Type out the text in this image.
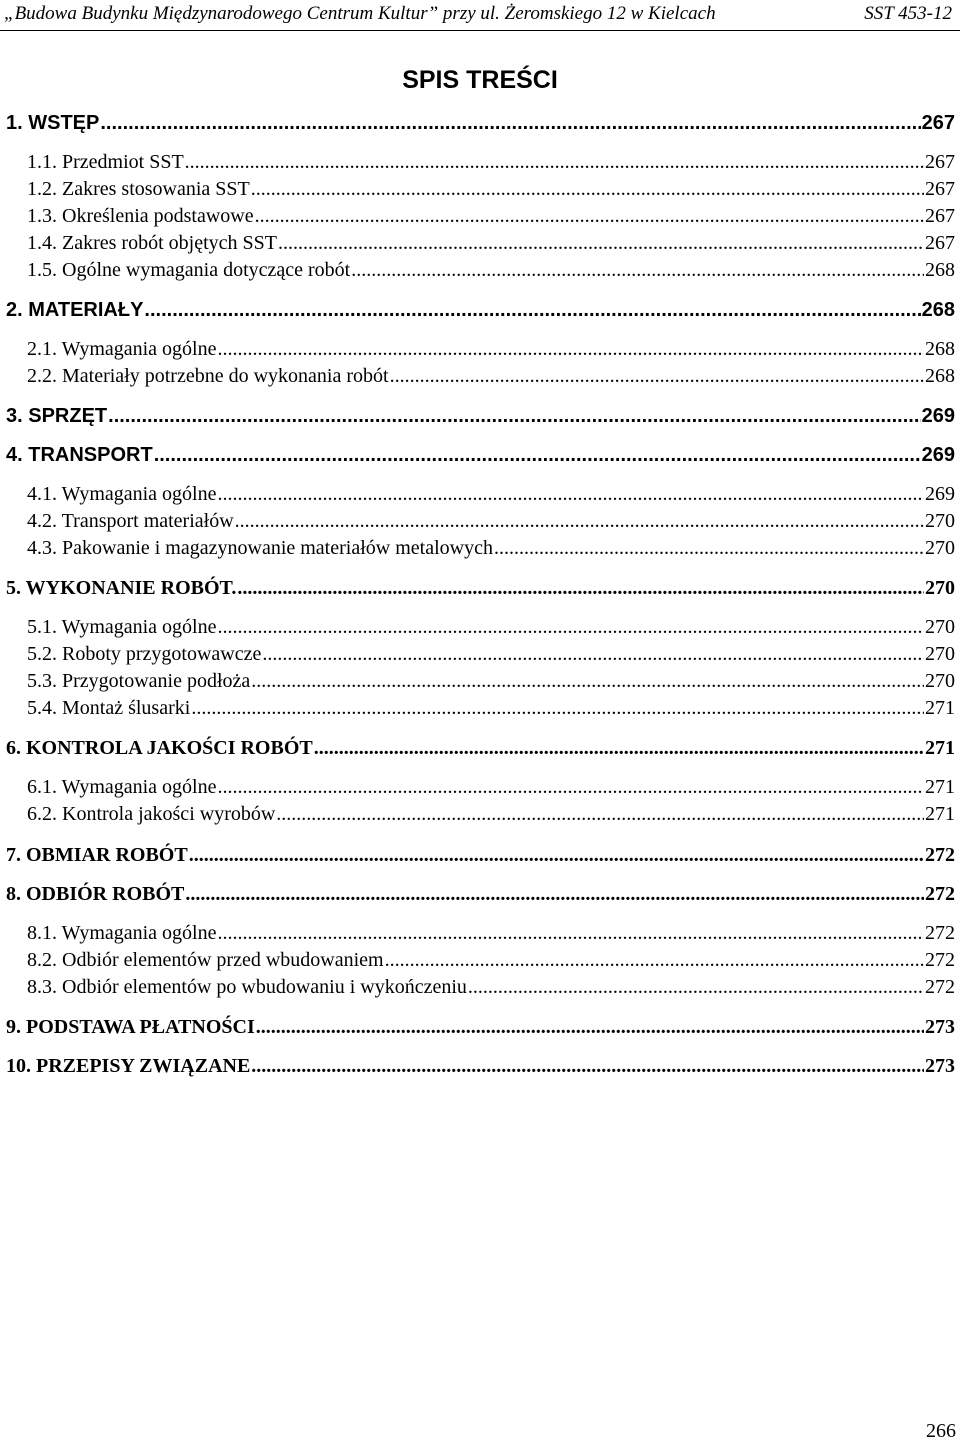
„Budowa Budynku Międzynarodowego Centrum Kultur” przy ul. Żeromskiego 12 w Kielcach	SST 453-12
SPIS TREŚCI
1. WSTĘP .....	267
1.1. Przedmiot SST .....	267
1.2. Zakres stosowania SST .....	267
1.3. Określenia podstawowe .....	267
1.4. Zakres robót objętych SST .....	267
1.5. Ogólne wymagania dotyczące robót .....	268
2. MATERIAŁY .....	268
2.1. Wymagania ogólne .....	268
2.2. Materiały potrzebne do wykonania robót .....	268
3. SPRZĘT .....	269
4. TRANSPORT .....	269
4.1. Wymagania ogólne .....	269
4.2. Transport materiałów .....	270
4.3. Pakowanie i magazynowanie materiałów metalowych .....	270
5. WYKONANIE ROBÓT. .....	270
5.1. Wymagania ogólne .....	270
5.2. Roboty przygotowawcze .....	270
5.3. Przygotowanie podłoża .....	270
5.4. Montaż ślusarki .....	271
6. KONTROLA JAKOŚCI ROBÓT .....	271
6.1. Wymagania ogólne .....	271
6.2. Kontrola jakości wyrobów .....	271
7. OBMIAR ROBÓT .....	272
8. ODBIÓR ROBÓT .....	272
8.1. Wymagania ogólne .....	272
8.2. Odbiór elementów przed wbudowaniem .....	272
8.3. Odbiór elementów po wbudowaniu i wykończeniu .....	272
9. PODSTAWA PŁATNOŚCI .....	273
10. PRZEPISY ZWIĄZANE .....	273
266
